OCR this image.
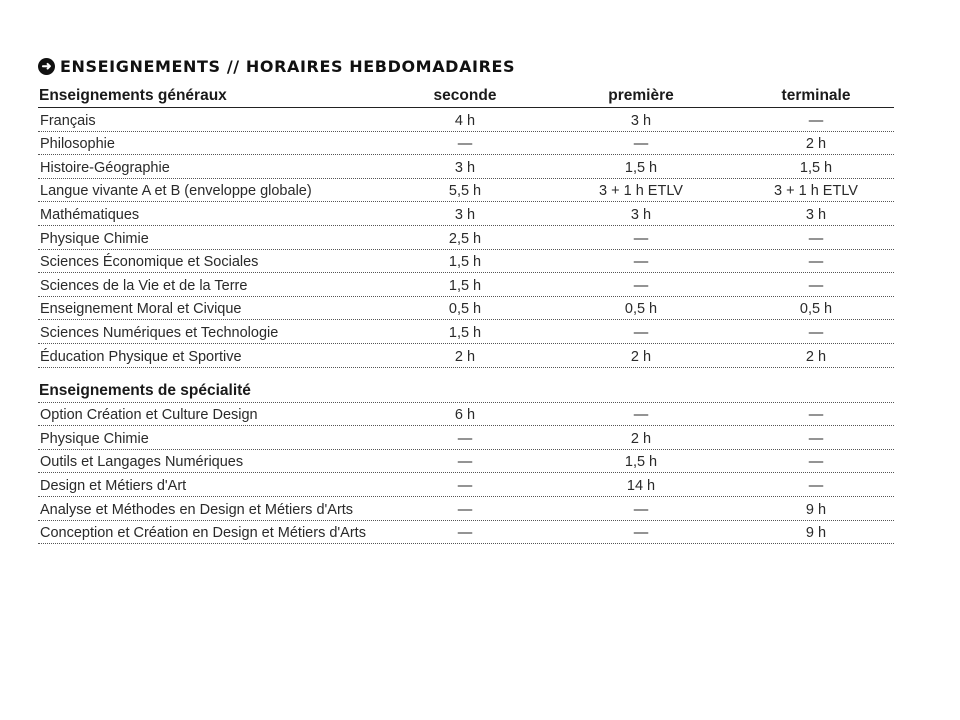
➜ ENSEIGNEMENTS // HORAIRES HEBDOMADAIRES
Enseignements généraux	seconde	première	terminale
Français	4 h	3 h	—
Philosophie	—	—	2 h
Histoire-Géographie	3 h	1,5 h	1,5 h
Langue vivante A et B (enveloppe globale)	5,5 h	3 + 1 h ETLV	3 + 1 h ETLV
Mathématiques	3 h	3 h	3 h
Physique Chimie	2,5 h	—	—
Sciences Économique et Sociales	1,5 h	—	—
Sciences de la Vie et de la Terre	1,5 h	—	—
Enseignement Moral et Civique	0,5 h	0,5 h	0,5 h
Sciences Numériques et Technologie	1,5 h	—	—
Éducation Physique et Sportive	2 h	2 h	2 h
Enseignements de spécialité
Option Création et Culture Design	6 h	—	—
Physique Chimie	—	2 h	—
Outils et Langages Numériques	—	1,5 h	—
Design et Métiers d'Art	—	14 h	—
Analyse et Méthodes en Design et Métiers d'Arts	—	—	9 h
Conception et Création en Design et Métiers d'Arts	—	—	9 h
